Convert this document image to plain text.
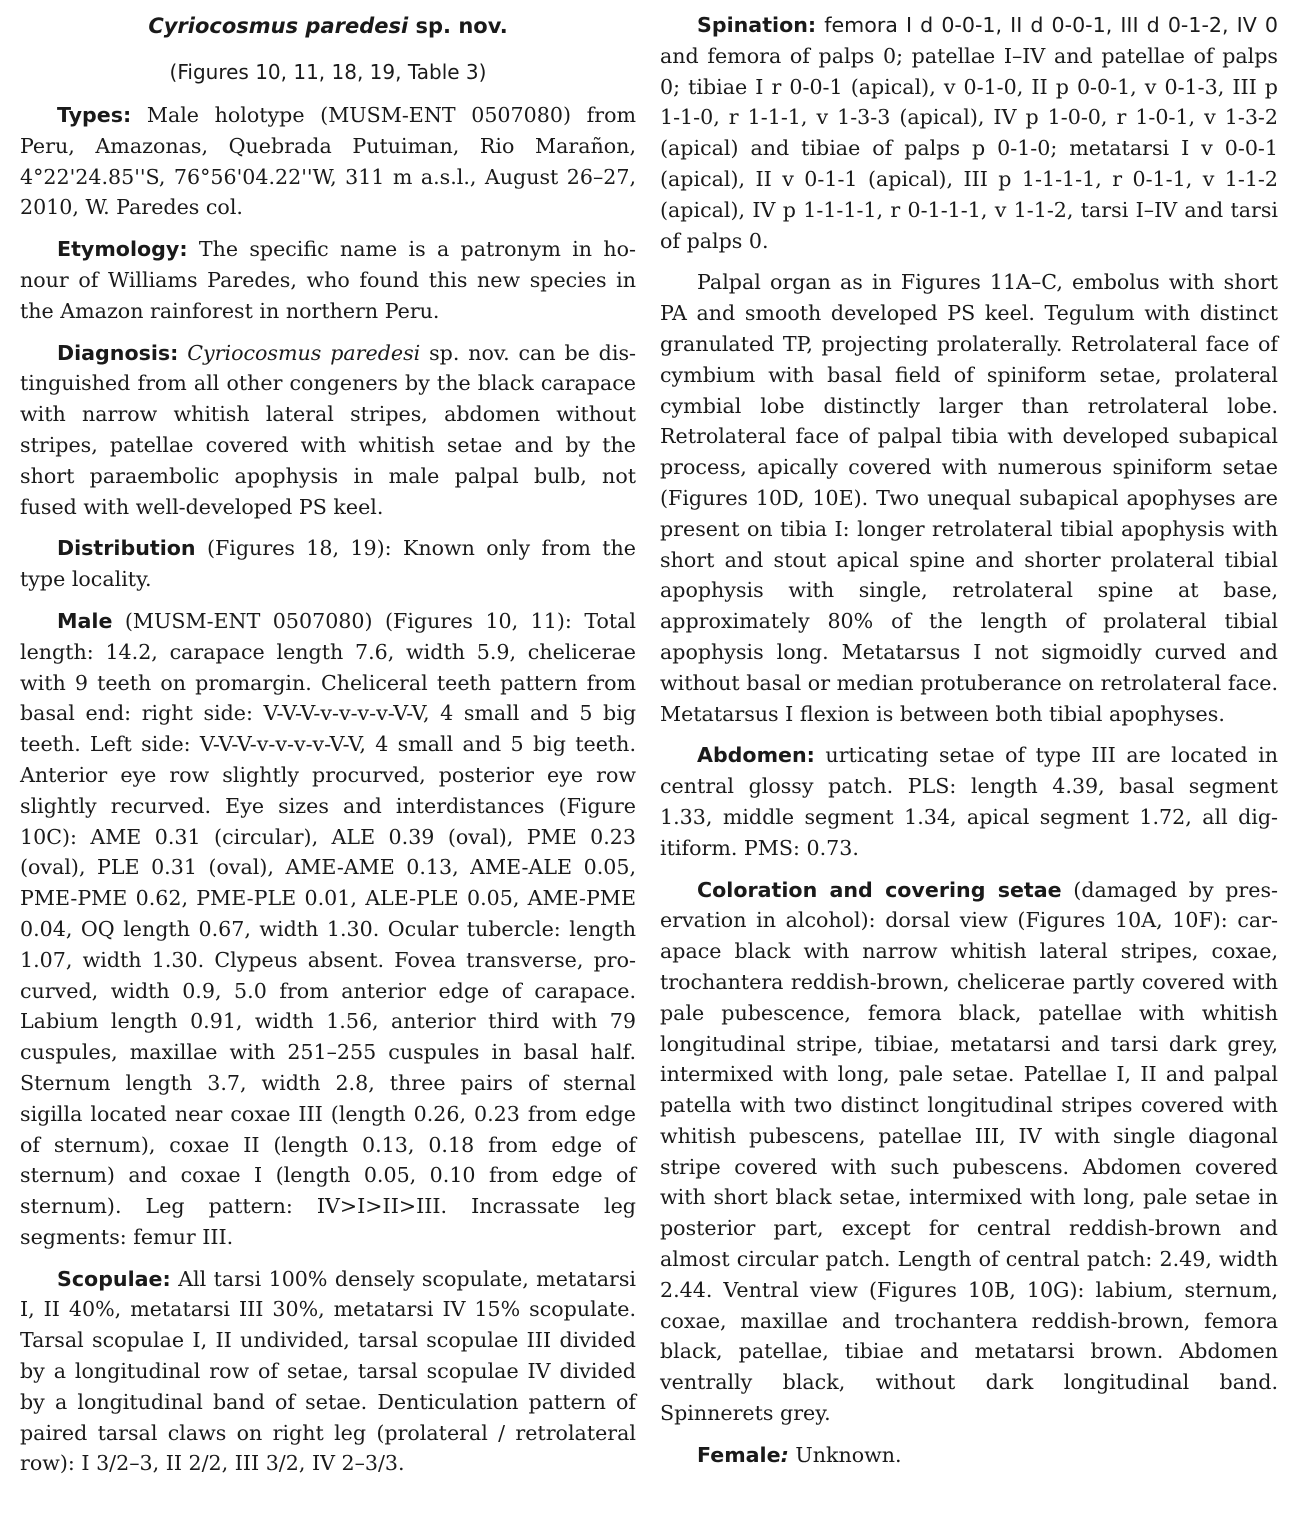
Cyriocosmus paredesi sp. nov.
(Figures 10, 11, 18, 19, Table 3)

Types: Male holotype (MUSM-ENT 0507080) from Peru, Amazonas, Quebrada Putuiman, Rio Marañon, 4°22'24.85''S, 76°56'04.22''W, 311 m a.s.l., August 26–27, 2010, W. Paredes col.

Etymology: The specific name is a patronym in honour of Williams Paredes, who found this new species in the Amazon rainforest in northern Peru.

Diagnosis: Cyriocosmus paredesi sp. nov. can be distinguished from all other congeners by the black carapace with narrow whitish lateral stripes, abdomen without stripes, patellae covered with whitish setae and by the short paraembolic apophysis in male palpal bulb, not fused with well-developed PS keel.

Distribution (Figures 18, 19): Known only from the type locality.

Male (MUSM-ENT 0507080) (Figures 10, 11): Total length: 14.2, carapace length 7.6, width 5.9, chelicerae with 9 teeth on promargin. Cheliceral teeth pattern from basal end: right side: V-V-V-v-v-v-v-V-V, 4 small and 5 big teeth. Left side: V-V-V-v-v-v-v-V-V, 4 small and 5 big teeth. Anterior eye row slightly procurved, posterior eye row slightly recurved. Eye sizes and interdistances (Figure 10C): AME 0.31 (circular), ALE 0.39 (oval), PME 0.23 (oval), PLE 0.31 (oval), AME-AME 0.13, AME-ALE 0.05, PME-PME 0.62, PME-PLE 0.01, ALE-PLE 0.05, AME-PME 0.04, OQ length 0.67, width 1.30. Ocular tubercle: length 1.07, width 1.30. Clypeus absent. Fovea transverse, procurved, width 0.9, 5.0 from anterior edge of carapace. Labium length 0.91, width 1.56, anterior third with 79 cuspules, maxillae with 251–255 cuspules in basal half. Sternum length 3.7, width 2.8, three pairs of sternal sigilla located near coxae III (length 0.26, 0.23 from edge of sternum), coxae II (length 0.13, 0.18 from edge of sternum) and coxae I (length 0.05, 0.10 from edge of sternum). Leg pattern: IV>I>II>III. Incrassate leg segments: femur III.

Scopulae: All tarsi 100% densely scopulate, metatarsi I, II 40%, metatarsi III 30%, metatarsi IV 15% scopulate. Tarsal scopulae I, II undivided, tarsal scopulae III divided by a longitudinal row of setae, tarsal scopulae IV divided by a longitudinal band of setae. Denticulation pattern of paired tarsal claws on right leg (prolateral / retrolateral row): I 3/2–3, II 2/2, III 3/2, IV 2–3/3.

Spination: femora I d 0-0-1, II d 0-0-1, III d 0-1-2, IV 0 and femora of palps 0; patellae I–IV and patellae of palps 0; tibiae I r 0-0-1 (apical), v 0-1-0, II p 0-0-1, v 0-1-3, III p 1-1-0, r 1-1-1, v 1-3-3 (apical), IV p 1-0-0, r 1-0-1, v 1-3-2 (apical) and tibiae of palps p 0-1-0; metatarsi I v 0-0-1 (apical), II v 0-1-1 (apical), III p 1-1-1-1, r 0-1-1, v 1-1-2 (apical), IV p 1-1-1-1, r 0-1-1-1, v 1-1-2, tarsi I–IV and tarsi of palps 0.

Palpal organ as in Figures 11A–C, embolus with short PA and smooth developed PS keel. Tegulum with distinct granulated TP, projecting prolaterally. Retrolateral face of cymbium with basal field of spiniform setae, prolateral cymbial lobe distinctly larger than retrolateral lobe. Retrolateral face of palpal tibia with developed subapical process, apically covered with numerous spiniform setae (Figures 10D, 10E). Two unequal subapical apophyses are present on tibia I: longer retrolateral tibial apophysis with short and stout apical spine and shorter prolateral tibial apophysis with single, retrolateral spine at base, approximately 80% of the length of prolateral tibial apophysis long. Metatarsus I not sigmoidly curved and without basal or median protuberance on retrolateral face. Metatarsus I flexion is between both tibial apophyses.

Abdomen: urticating setae of type III are located in central glossy patch. PLS: length 4.39, basal segment 1.33, middle segment 1.34, apical segment 1.72, all digitiform. PMS: 0.73.

Coloration and covering setae (damaged by preservation in alcohol): dorsal view (Figures 10A, 10F): carapace black with narrow whitish lateral stripes, coxae, trochantera reddish-brown, chelicerae partly covered with pale pubescence, femora black, patellae with whitish longitudinal stripe, tibiae, metatarsi and tarsi dark grey, intermixed with long, pale setae. Patellae I, II and palpal patella with two distinct longitudinal stripes covered with whitish pubescens, patellae III, IV with single diagonal stripe covered with such pubescens. Abdomen covered with short black setae, intermixed with long, pale setae in posterior part, except for central reddish-brown and almost circular patch. Length of central patch: 2.49, width 2.44. Ventral view (Figures 10B, 10G): labium, sternum, coxae, maxillae and trochantera reddish-brown, femora black, patellae, tibiae and metatarsi brown. Abdomen ventrally black, without dark longitudinal band. Spinnerets grey.

Female: Unknown.
